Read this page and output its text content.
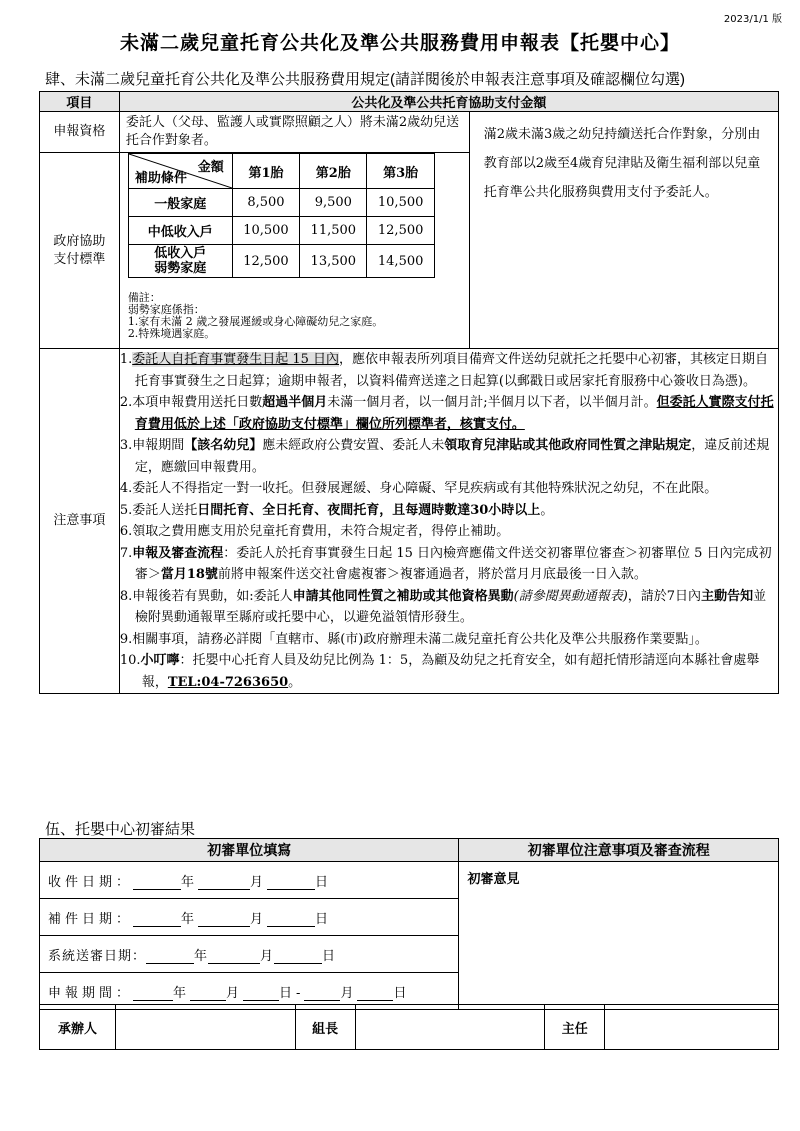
2023/1/1 版
未滿二歲兒童托育公共化及準公共服務費用申報表【托嬰中心】
肆、未滿二歲兒童托育公共化及準公共服務費用規定(請詳閱後於申報表注意事項及確認欄位勾選)
項目	公共化及準公共托育協助支付金額
申報資格	委託人（父母、監護人或實際照顧之人）將未滿2歲幼兒送托合作對象者。	滿2歲未滿3歲之幼兒持續送托合作對象，分別由教育部以2歲至4歲育兒津貼及衛生福利部以兒童托育準公共化服務與費用支付予委託人。

政府協助
支付標準

金額
補助條件	第1胎	第2胎	第3胎
一般家庭	8,500	9,500	10,500
中低收入戶	10,500	11,500	12,500

低收入戶
弱勢家庭	12,500	13,500	14,500
備註：
弱勢家庭係指：
1.家有未滿 2 歲之發展遲緩或身心障礙幼兒之家庭。
2.特殊境遇家庭。

注意事項	
1.委託人自托育事實發生日起 15 日內，應依申報表所列項目備齊文件送幼兒就托之托嬰中心初審，其核定日期自托育事實發生之日起算；逾期申報者，以資料備齊送達之日起算(以郵戳日或居家托育服務中心簽收日為憑)。
2.本項申報費用送托日數超過半個月未滿一個月者，以一個月計;半個月以下者，以半個月計。但委託人實際支付托育費用低於上述「政府協助支付標準」欄位所列標準者，核實支付。
3.申報期間【該名幼兒】應未經政府公費安置、委託人未領取育兒津貼或其他政府同性質之津貼規定，違反前述規定，應繳回申報費用。
4.委託人不得指定一對一收托。但發展遲緩、身心障礙、罕見疾病或有其他特殊狀況之幼兒，不在此限。
5.委託人送托日間托育、全日托育、夜間托育，且每週時數達30小時以上。
6.領取之費用應支用於兒童托育費用，未符合規定者，得停止補助。
7.申報及審查流程：委託人於托育事實發生日起 15 日內檢齊應備文件送交初審單位審查＞初審單位 5 日內完成初審＞當月18號前將申報案件送交社會處複審＞複審通過者，將於當月月底最後一日入款。
8.申報後若有異動，如:委託人申請其他同性質之補助或其他資格異動(請參閱異動通報表)，請於7日內主動告知並檢附異動通報單至縣府或托嬰中心，以避免溢領情形發生。
9.相關事項，請務必詳閱「直轄市、縣(市)政府辦理未滿二歲兒童托育公共化及準公共服務作業要點」。
10.小叮嚀：托嬰中心托育人員及幼兒比例為 1：5，為顧及幼兒之托育安全，如有超托情形請逕向本縣社會處舉報，TEL:04-7263650。
伍、托嬰中心初審結果
初審單位填寫	初審單位注意事項及審查流程
收件日期： 年 月 日	初審意見
補件日期： 年 月 日	
系統送審日期： 年 月 日	
申報期間： 年 月 日- 月 日	
承辦人		組長		主任	
